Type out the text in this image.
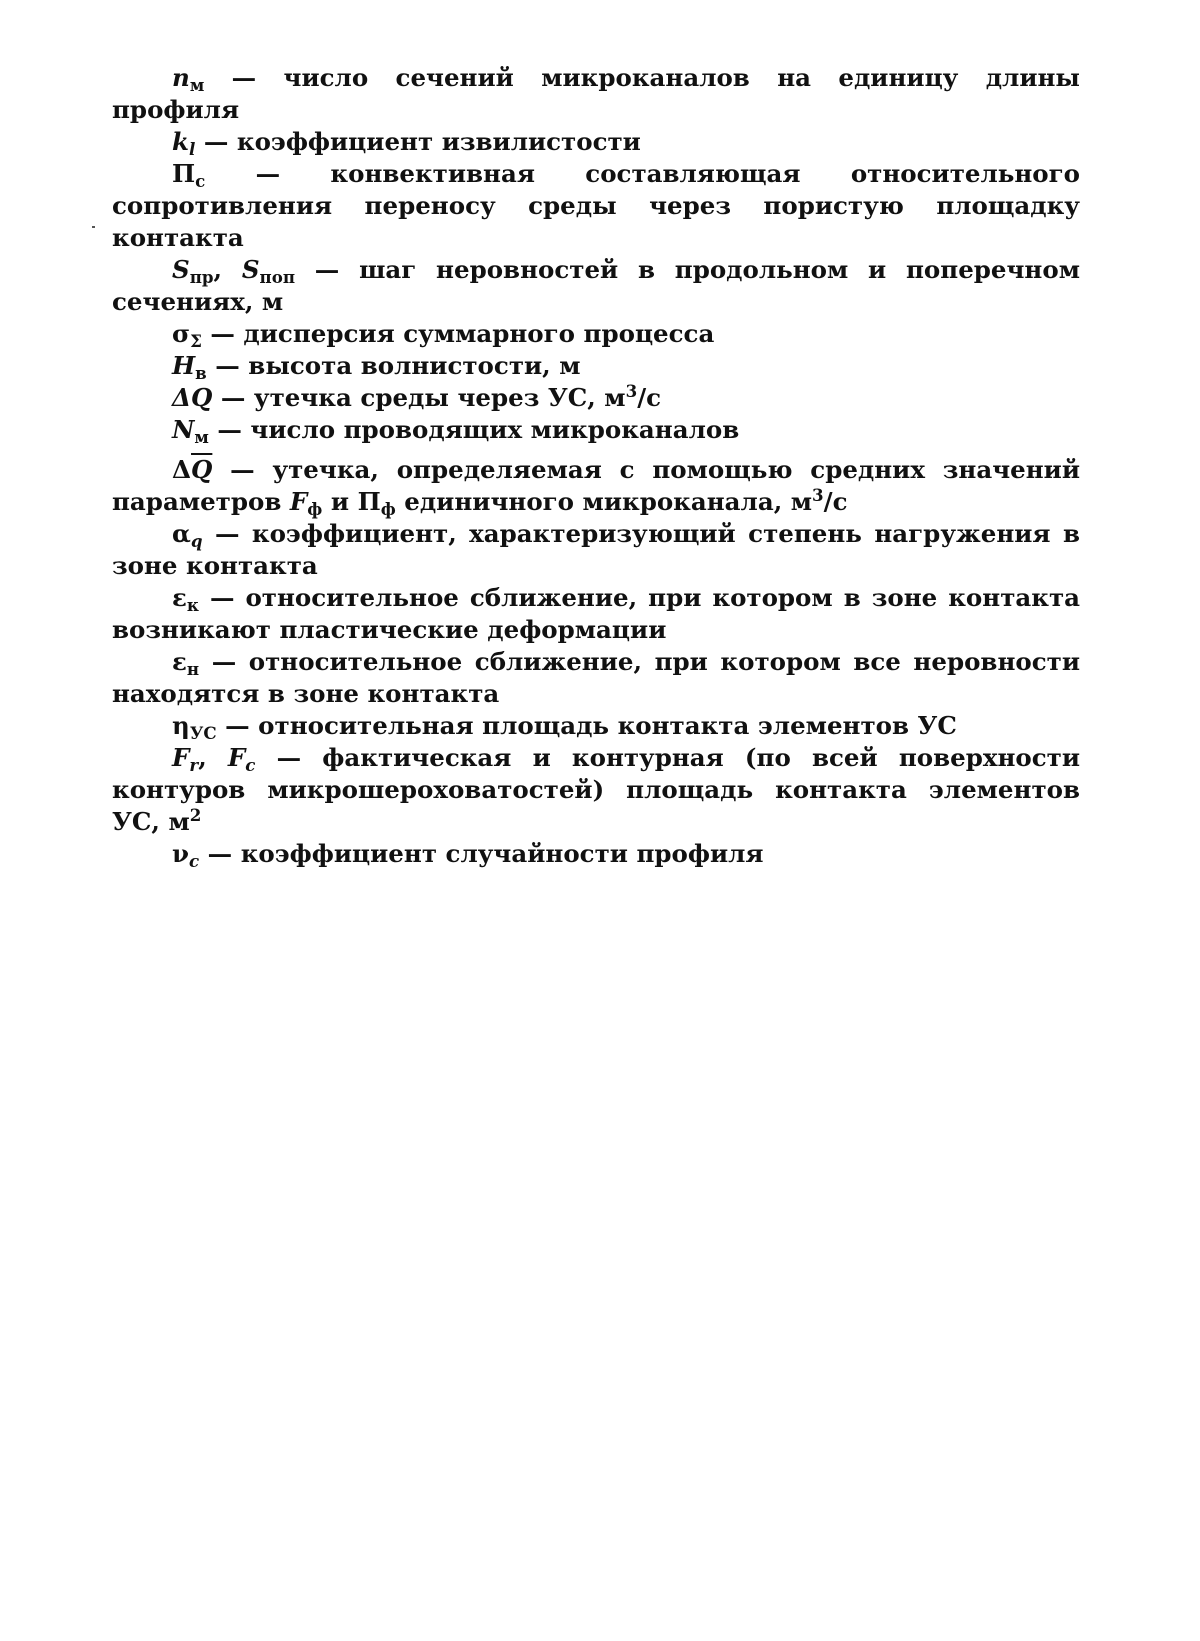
$n_м$ — число сечений микроканалов на единицу длины профиля

$k_l$ — коэффициент извилистости

$П_с$ — конвективная составляющая относительного сопротивления переносу среды через пористую площадку контакта

$S_{пр}$, $S_{поп}$ — шаг неровностей в продольном и поперечном сечениях, м

$\sigma_\Sigma$ — дисперсия суммарного процесса

$H_в$ — высота волнистости, м

ΔQ — утечка среды через УС, $м^3/с$

$N_м$ — число проводящих микроканалов

$\Delta\overline{Q}$ — утечка, определяемая с помощью средних значений параметров $F_ф$ и $П_ф$ единичного микроканала, $м^3/с$

$\alpha_q$ — коэффициент, характеризующий степень нагружения в зоне контакта

$\varepsilon_к$ — относительное сближение, при котором в зоне контакта возникают пластические деформации

$\varepsilon_н$ — относительное сближение, при котором все неровности находятся в зоне контакта

$\eta_{УС}$ — относительная площадь контакта элементов УС

$F_r$, $F_c$ — фактическая и контурная (по всей поверхности контуров микрошероховатостей) площадь контакта элементов УС, $м^2$

$\nu_c$ — коэффициент случайности профиля
